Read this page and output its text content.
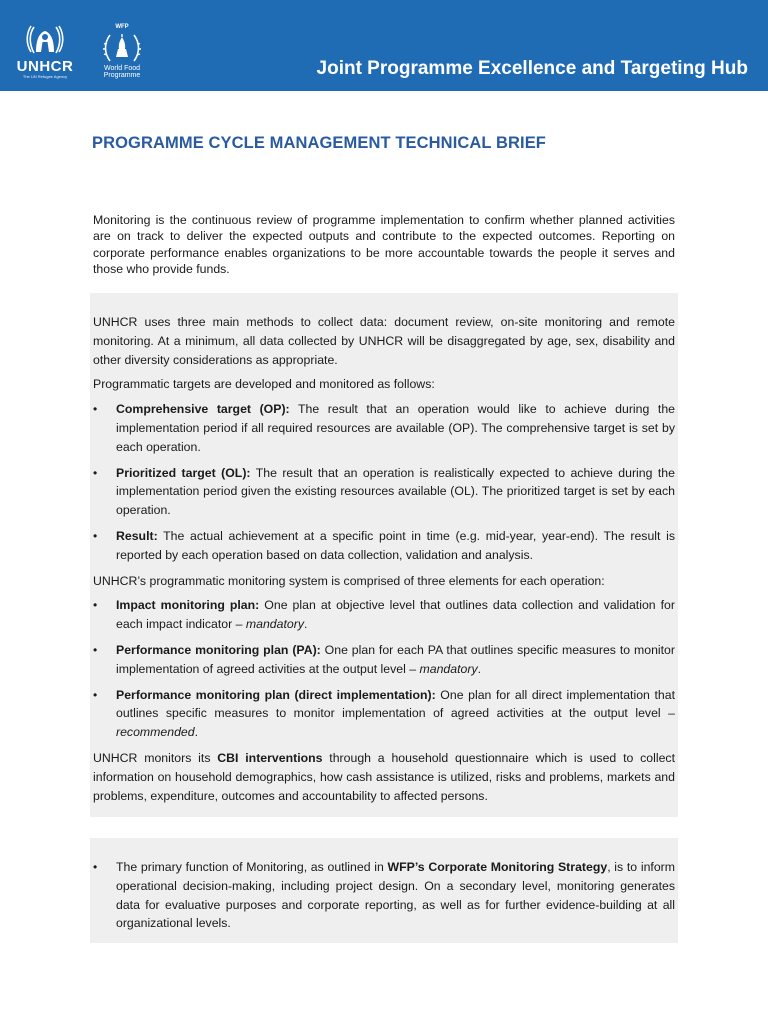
UNHCR
The UN Refugee Agency
WFP
World Food
Programme	Joint Programme Excellence and Targeting Hub
PROGRAMME CYCLE MANAGEMENT TECHNICAL BRIEF

Monitoring is the continuous review of programme implementation to confirm whether planned activities are on track to deliver the expected outputs and contribute to the expected outcomes. Reporting on corporate performance enables organizations to be more accountable towards the people it serves and those who provide funds.

UNHCR uses three main methods to collect data: document review, on-site monitoring and remote monitoring. At a minimum, all data collected by UNHCR will be disaggregated by age, sex, disability and other diversity considerations as appropriate.

Programmatic targets are developed and monitored as follows:

• Comprehensive target (OP): The result that an operation would like to achieve during the implementation period if all required resources are available (OP). The comprehensive target is set by each operation.
• Prioritized target (OL): The result that an operation is realistically expected to achieve during the implementation period given the existing resources available (OL). The prioritized target is set by each operation.
• Result: The actual achievement at a specific point in time (e.g. mid-year, year-end). The result is reported by each operation based on data collection, validation and analysis.

UNHCR’s programmatic monitoring system is comprised of three elements for each operation:

• Impact monitoring plan: One plan at objective level that outlines data collection and validation for each impact indicator – mandatory.
• Performance monitoring plan (PA): One plan for each PA that outlines specific measures to monitor implementation of agreed activities at the output level – mandatory.
• Performance monitoring plan (direct implementation): One plan for all direct implementation that outlines specific measures to monitor implementation of agreed activities at the output level – recommended.

UNHCR monitors its CBI interventions through a household questionnaire which is used to collect information on household demographics, how cash assistance is utilized, risks and problems, markets and problems, expenditure, outcomes and accountability to affected persons.

• The primary function of Monitoring, as outlined in WFP’s Corporate Monitoring Strategy, is to inform operational decision-making, including project design. On a secondary level, monitoring generates data for evaluative purposes and corporate reporting, as well as for further evidence-building at all organizational levels.
